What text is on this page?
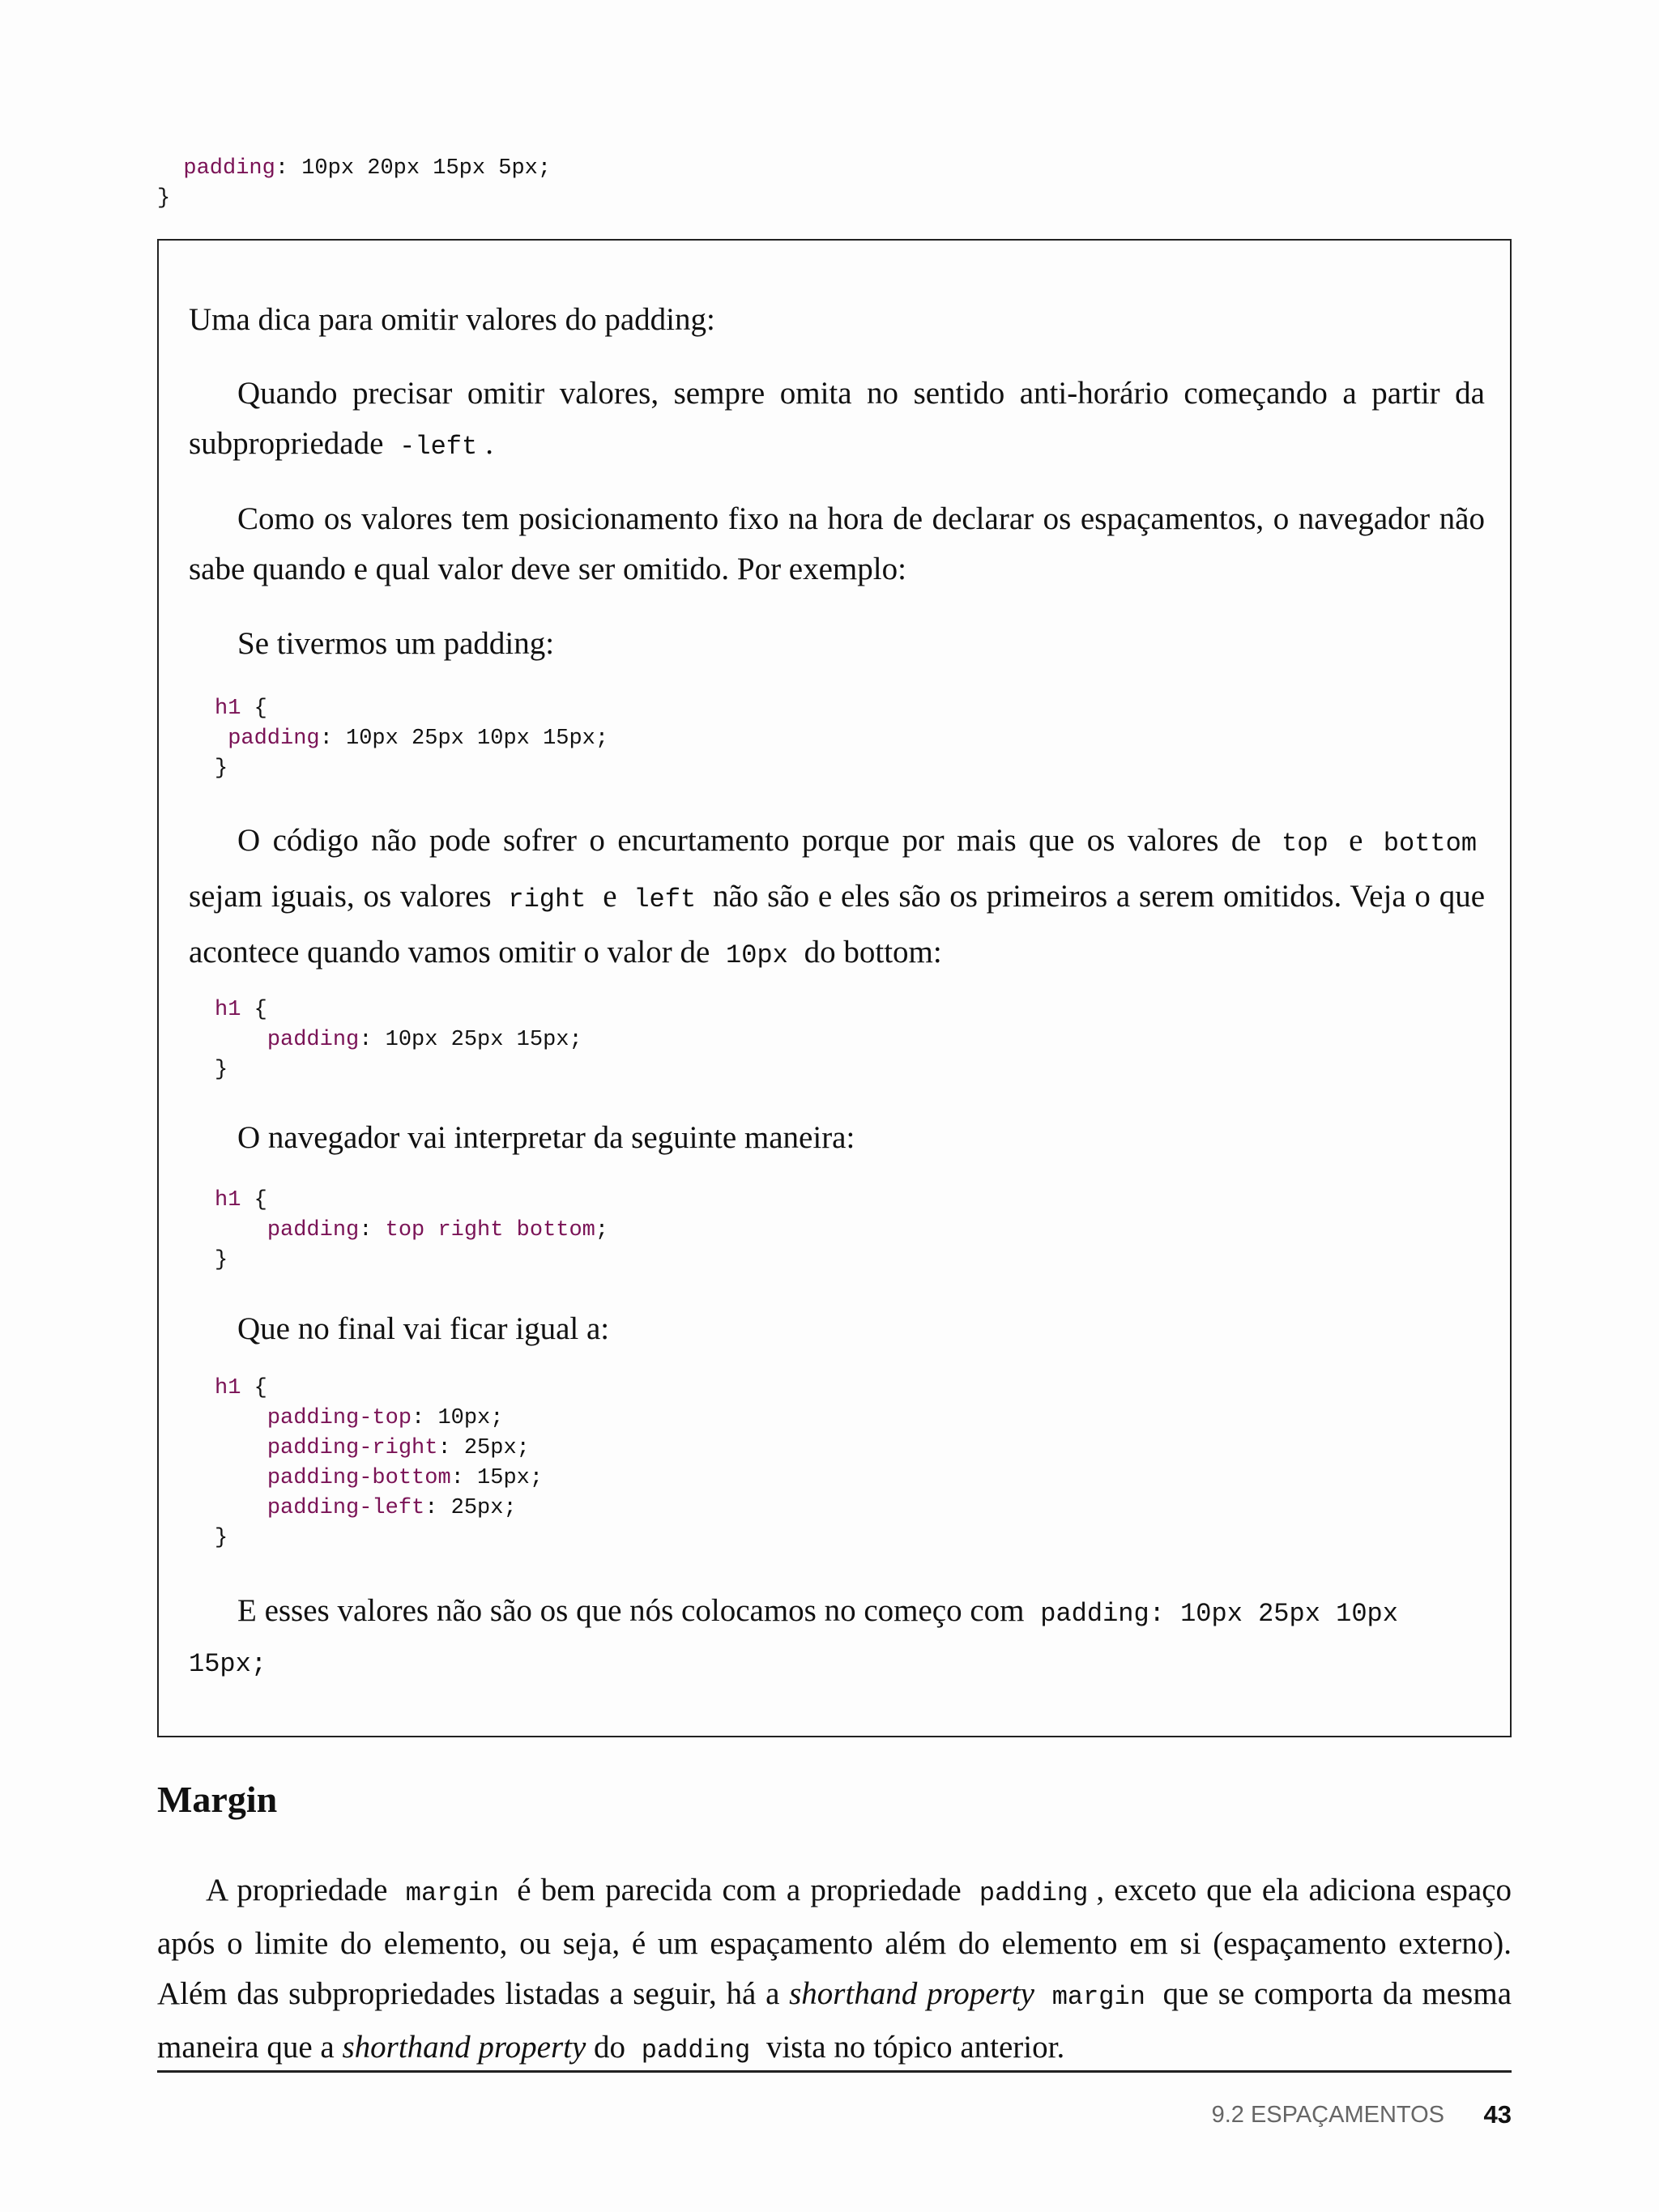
padding: 10px 20px 15px 5px;
}

Uma dica para omitir valores do padding:

Quando precisar omitir valores, sempre omita no sentido anti-horário começando a partir da subpropriedade -left .

Como os valores tem posicionamento fixo na hora de declarar os espaçamentos, o navegador não sabe quando e qual valor deve ser omitido. Por exemplo:

Se tivermos um padding:

h1 {
padding: 10px 25px 10px 15px;
}

O código não pode sofrer o encurtamento porque por mais que os valores de top e bottom sejam iguais, os valores right e left não são e eles são os primeiros a serem omitidos. Veja o que acontece quando vamos omitir o valor de 10px do bottom:

h1 {
padding: 10px 25px 15px;
}

O navegador vai interpretar da seguinte maneira:

h1 {
padding: top right bottom;
}

Que no final vai ficar igual a:

h1 {
padding-top: 10px;
padding-right: 25px;
padding-bottom: 15px;
padding-left: 25px;
}

E esses valores não são os que nós colocamos no começo com padding: 10px 25px 10px

15px;

Margin

A propriedade margin é bem parecida com a propriedade padding , exceto que ela adiciona espaço após o limite do elemento, ou seja, é um espaçamento além do elemento em si (espaçamento externo). Além das subpropriedades listadas a seguir, há a shorthand property margin que se comporta da mesma maneira que a shorthand property do padding vista no tópico anterior.

9.2 ESPAÇAMENTOS 43
